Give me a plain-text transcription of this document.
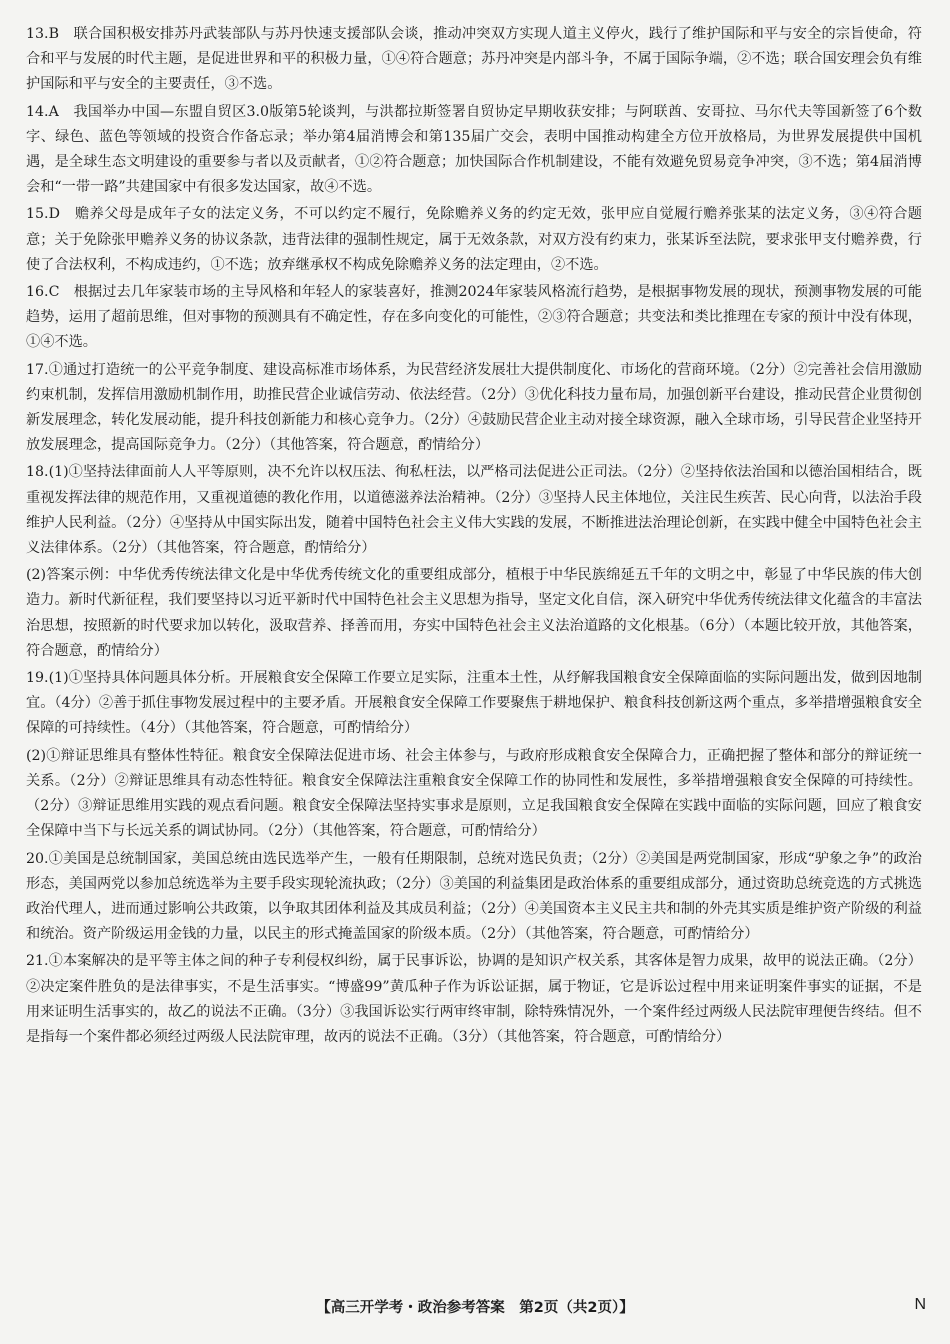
13.B　联合国积极安排苏丹武装部队与苏丹快速支援部队会谈，推动冲突双方实现人道主义停火，践行了维护国际和平与安全的宗旨使命，符合和平与发展的时代主题，是促进世界和平的积极力量，①④符合题意；苏丹冲突是内部斗争，不属于国际争端，②不选；联合国安理会负有维护国际和平与安全的主要责任，③不选。

14.A　我国举办中国—东盟自贸区3.0版第5轮谈判，与洪都拉斯签署自贸协定早期收获安排；与阿联酋、安哥拉、马尔代夫等国新签了6个数字、绿色、蓝色等领域的投资合作备忘录；举办第4届消博会和第135届广交会，表明中国推动构建全方位开放格局，为世界发展提供中国机遇，是全球生态文明建设的重要参与者以及贡献者，①②符合题意；加快国际合作机制建设，不能有效避免贸易竞争冲突，③不选；第4届消博会和“一带一路”共建国家中有很多发达国家，故④不选。

15.D　赡养父母是成年子女的法定义务，不可以约定不履行，免除赡养义务的约定无效，张甲应自觉履行赡养张某的法定义务，③④符合题意；关于免除张甲赡养义务的协议条款，违背法律的强制性规定，属于无效条款，对双方没有约束力，张某诉至法院，要求张甲支付赡养费，行使了合法权利，不构成违约，①不选；放弃继承权不构成免除赡养义务的法定理由，②不选。

16.C　根据过去几年家装市场的主导风格和年轻人的家装喜好，推测2024年家装风格流行趋势，是根据事物发展的现状，预测事物发展的可能趋势，运用了超前思维，但对事物的预测具有不确定性，存在多向变化的可能性，②③符合题意；共变法和类比推理在专家的预计中没有体现，①④不选。

17.①通过打造统一的公平竞争制度、建设高标准市场体系，为民营经济发展壮大提供制度化、市场化的营商环境。（2分）②完善社会信用激励约束机制，发挥信用激励机制作用，助推民营企业诚信劳动、依法经营。（2分）③优化科技力量布局，加强创新平台建设，推动民营企业贯彻创新发展理念，转化发展动能，提升科技创新能力和核心竞争力。（2分）④鼓励民营企业主动对接全球资源，融入全球市场，引导民营企业坚持开放发展理念，提高国际竞争力。（2分）（其他答案，符合题意，酌情给分）

18.(1)①坚持法律面前人人平等原则，决不允许以权压法、徇私枉法，以严格司法促进公正司法。（2分）②坚持依法治国和以德治国相结合，既重视发挥法律的规范作用，又重视道德的教化作用，以道德滋养法治精神。（2分）③坚持人民主体地位，关注民生疾苦、民心向背，以法治手段维护人民利益。（2分）④坚持从中国实际出发，随着中国特色社会主义伟大实践的发展，不断推进法治理论创新，在实践中健全中国特色社会主义法律体系。（2分）（其他答案，符合题意，酌情给分）

(2)答案示例：中华优秀传统法律文化是中华优秀传统文化的重要组成部分，植根于中华民族绵延五千年的文明之中，彰显了中华民族的伟大创造力。新时代新征程，我们要坚持以习近平新时代中国特色社会主义思想为指导，坚定文化自信，深入研究中华优秀传统法律文化蕴含的丰富法治思想，按照新的时代要求加以转化，汲取营养、择善而用，夯实中国特色社会主义法治道路的文化根基。（6分）（本题比较开放，其他答案，符合题意，酌情给分）

19.(1)①坚持具体问题具体分析。开展粮食安全保障工作要立足实际，注重本土性，从纾解我国粮食安全保障面临的实际问题出发，做到因地制宜。（4分）②善于抓住事物发展过程中的主要矛盾。开展粮食安全保障工作要聚焦于耕地保护、粮食科技创新这两个重点，多举措增强粮食安全保障的可持续性。（4分）（其他答案，符合题意，可酌情给分）

(2)①辩证思维具有整体性特征。粮食安全保障法促进市场、社会主体参与，与政府形成粮食安全保障合力，正确把握了整体和部分的辩证统一关系。（2分）②辩证思维具有动态性特征。粮食安全保障法注重粮食安全保障工作的协同性和发展性，多举措增强粮食安全保障的可持续性。（2分）③辩证思维用实践的观点看问题。粮食安全保障法坚持实事求是原则，立足我国粮食安全保障在实践中面临的实际问题，回应了粮食安全保障中当下与长远关系的调试协同。（2分）（其他答案，符合题意，可酌情给分）

20.①美国是总统制国家，美国总统由选民选举产生，一般有任期限制，总统对选民负责；（2分）②美国是两党制国家，形成“驴象之争”的政治形态，美国两党以参加总统选举为主要手段实现轮流执政；（2分）③美国的利益集团是政治体系的重要组成部分，通过资助总统竞选的方式挑选政治代理人，进而通过影响公共政策，以争取其团体利益及其成员利益；（2分）④美国资本主义民主共和制的外壳其实质是维护资产阶级的利益和统治。资产阶级运用金钱的力量，以民主的形式掩盖国家的阶级本质。（2分）（其他答案，符合题意，可酌情给分）

21.①本案解决的是平等主体之间的种子专利侵权纠纷，属于民事诉讼，协调的是知识产权关系，其客体是智力成果，故甲的说法正确。（2分）②决定案件胜负的是法律事实，不是生活事实。“博盛99”黄瓜种子作为诉讼证据，属于物证，它是诉讼过程中用来证明案件事实的证据，不是用来证明生活事实的，故乙的说法不正确。（3分）③我国诉讼实行两审终审制，除特殊情况外，一个案件经过两级人民法院审理便告终结。但不是指每一个案件都必须经过两级人民法院审理，故丙的说法不正确。（3分）（其他答案，符合题意，可酌情给分）

【高三开学考・政治参考答案　第2页（共2页）】	N
